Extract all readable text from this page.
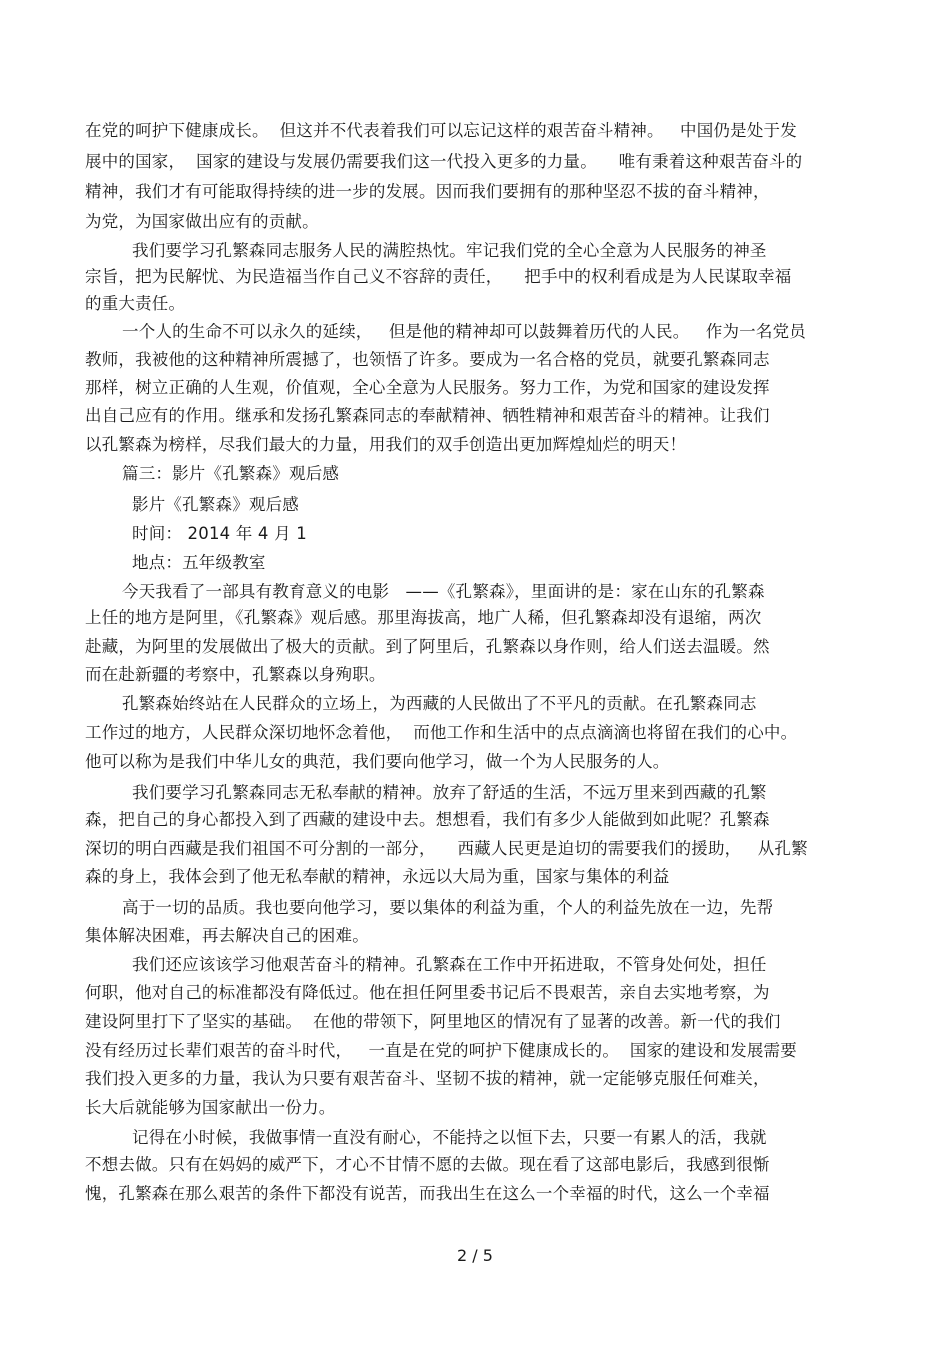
在党的呵护下健康成长。  但这并不代表着我们可以忘记这样的艰苦奋斗精神。   中国仍是处于发
展中的国家，  国家的建设与发展仍需要我们这一代投入更多的力量。    唯有秉着这种艰苦奋斗的
精神，我们才有可能取得持续的进一步的发展。因而我们要拥有的那种坚忍不拔的奋斗精神，
为党，为国家做出应有的贡献。
我们要学习孔繁森同志服务人民的满腔热忱。牢记我们党的全心全意为人民服务的神圣
宗旨，把为民解忧、为民造福当作自己义不容辞的责任，    把手中的权利看成是为人民谋取幸福
的重大责任。
一个人的生命不可以永久的延续，   但是他的精神却可以鼓舞着历代的人民。   作为一名党员
教师，我被他的这种精神所震撼了，也领悟了许多。要成为一名合格的党员，就要孔繁森同志
那样，树立正确的人生观，价值观，全心全意为人民服务。努力工作，为党和国家的建设发挥
出自己应有的作用。继承和发扬孔繁森同志的奉献精神、牺牲精神和艰苦奋斗的精神。让我们
以孔繁森为榜样，尽我们最大的力量，用我们的双手创造出更加辉煌灿烂的明天！
篇三：影片《孔繁森》观后感
影片《孔繁森》观后感
时间： 2014 年 4 月 1
地点：五年级教室
今天我看了一部具有教育意义的电影   ——《孔繁森》，里面讲的是：家在山东的孔繁森
上任的地方是阿里，《孔繁森》观后感。那里海拔高，地广人稀，但孔繁森却没有退缩，两次
赴藏，为阿里的发展做出了极大的贡献。到了阿里后，孔繁森以身作则，给人们送去温暖。然
而在赴新疆的考察中，孔繁森以身殉职。
孔繁森始终站在人民群众的立场上，为西藏的人民做出了不平凡的贡献。在孔繁森同志
工作过的地方，人民群众深切地怀念着他，  而他工作和生活中的点点滴滴也将留在我们的心中。
他可以称为是我们中华儿女的典范，我们要向他学习，做一个为人民服务的人。
我们要学习孔繁森同志无私奉献的精神。放弃了舒适的生活，不远万里来到西藏的孔繁
森，把自己的身心都投入到了西藏的建设中去。想想看，我们有多少人能做到如此呢？孔繁森
深切的明白西藏是我们祖国不可分割的一部分，    西藏人民更是迫切的需要我们的援助，   从孔繁
森的身上，我体会到了他无私奉献的精神，永远以大局为重，国家与集体的利益
高于一切的品质。我也要向他学习，要以集体的利益为重，个人的利益先放在一边，先帮
集体解决困难，再去解决自己的困难。
我们还应该该学习他艰苦奋斗的精神。孔繁森在工作中开拓进取，不管身处何处，担任
何职，他对自己的标准都没有降低过。他在担任阿里委书记后不畏艰苦，亲自去实地考察，为
建设阿里打下了坚实的基础。  在他的带领下，阿里地区的情况有了显著的改善。新一代的我们
没有经历过长辈们艰苦的奋斗时代，   一直是在党的呵护下健康成长的。  国家的建设和发展需要
我们投入更多的力量，我认为只要有艰苦奋斗、坚韧不拔的精神，就一定能够克服任何难关，
长大后就能够为国家献出一份力。
记得在小时候，我做事情一直没有耐心，不能持之以恒下去，只要一有累人的活，我就
不想去做。只有在妈妈的威严下，才心不甘情不愿的去做。现在看了这部电影后，我感到很惭
愧，孔繁森在那么艰苦的条件下都没有说苦，而我出生在这么一个幸福的时代，这么一个幸福
2 / 5
